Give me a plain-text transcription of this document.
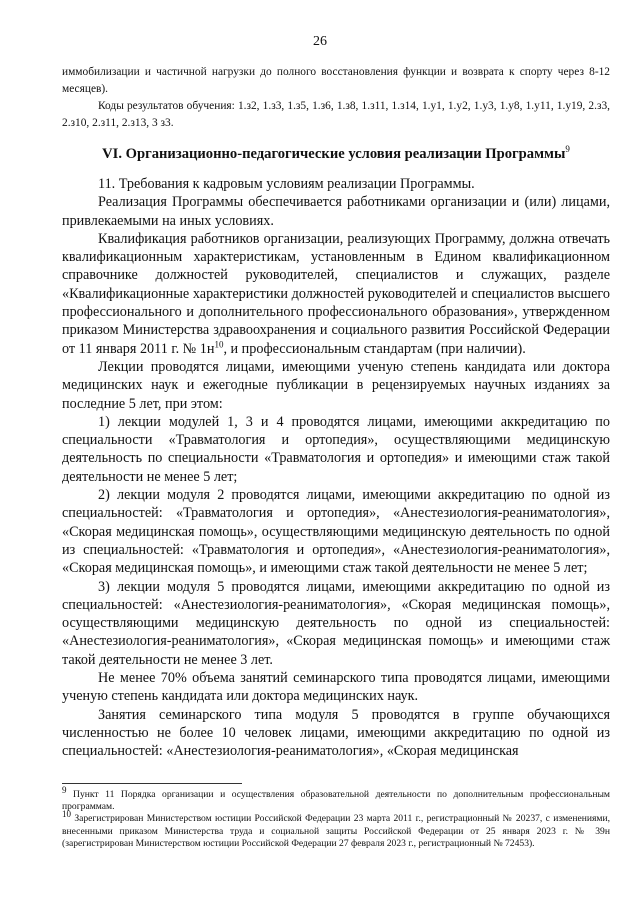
26

иммобилизации и частичной нагрузки до полного восстановления функции и возврата к спорту через 8-12 месяцев).

Коды результатов обучения: 1.з2, 1.з3, 1.з5, 1.з6, 1.з8, 1.з11, 1.з14, 1.у1, 1.у2, 1.у3, 1.у8, 1.у11, 1.у19, 2.з3, 2.з10, 2.з11, 2.з13, 3 з3.

VI. Организационно-педагогические условия реализации Программы$^9$

11. Требования к кадровым условиям реализации Программы.

Реализация Программы обеспечивается работниками организации и (или) лицами, привлекаемыми на иных условиях.

Квалификация работников организации, реализующих Программу, должна отвечать квалификационным характеристикам, установленным в Едином квалификационном справочнике должностей руководителей, специалистов и служащих, разделе «Квалификационные характеристики должностей руководителей и специалистов высшего профессионального и дополнительного профессионального образования», утвержденном приказом Министерства здравоохранения и социального развития Российской Федерации от 11 января 2011 г. № $1н^{10}$, и профессиональным стандартам (при наличии).

Лекции проводятся лицами, имеющими ученую степень кандидата или доктора медицинских наук и ежегодные публикации в рецензируемых научных изданиях за последние 5 лет, при этом:

1) лекции модулей 1, 3 и 4 проводятся лицами, имеющими аккредитацию по специальности «Травматология и ортопедия», осуществляющими медицинскую деятельность по специальности «Травматология и ортопедия» и имеющими стаж такой деятельности не менее 5 лет;

2) лекции модуля 2 проводятся лицами, имеющими аккредитацию по одной из специальностей: «Травматология и ортопедия», «Анестезиология-реаниматология», «Скорая медицинская помощь», осуществляющими медицинскую деятельность по одной из специальностей: «Травматология и ортопедия», «Анестезиология-реаниматология», «Скорая медицинская помощь», и имеющими стаж такой деятельности не менее 5 лет;

3) лекции модуля 5 проводятся лицами, имеющими аккредитацию по одной из специальностей: «Анестезиология-реаниматология», «Скорая медицинская помощь», осуществляющими медицинскую деятельность по одной из специальностей: «Анестезиология-реаниматология», «Скорая медицинская помощь» и имеющими стаж такой деятельности не менее 3 лет.

Не менее 70% объема занятий семинарского типа проводятся лицами, имеющими ученую степень кандидата или доктора медицинских наук.

Занятия семинарского типа модуля 5 проводятся в группе обучающихся численностью не более 10 человек лицами, имеющими аккредитацию по одной из специальностей: «Анестезиология-реаниматология», «Скорая медицинская

$^9$ Пункт 11 Порядка организации и осуществления образовательной деятельности по дополнительным профессиональным программам.

$^{10}$ Зарегистрирован Министерством юстиции Российской Федерации 23 марта 2011 г., регистрационный № 20237, с изменениями, внесенными приказом Министерства труда и социальной защиты Российской Федерации от 25 января 2023 г. № 39н (зарегистрирован Министерством юстиции Российской Федерации 27 февраля 2023 г., регистрационный № 72453).
